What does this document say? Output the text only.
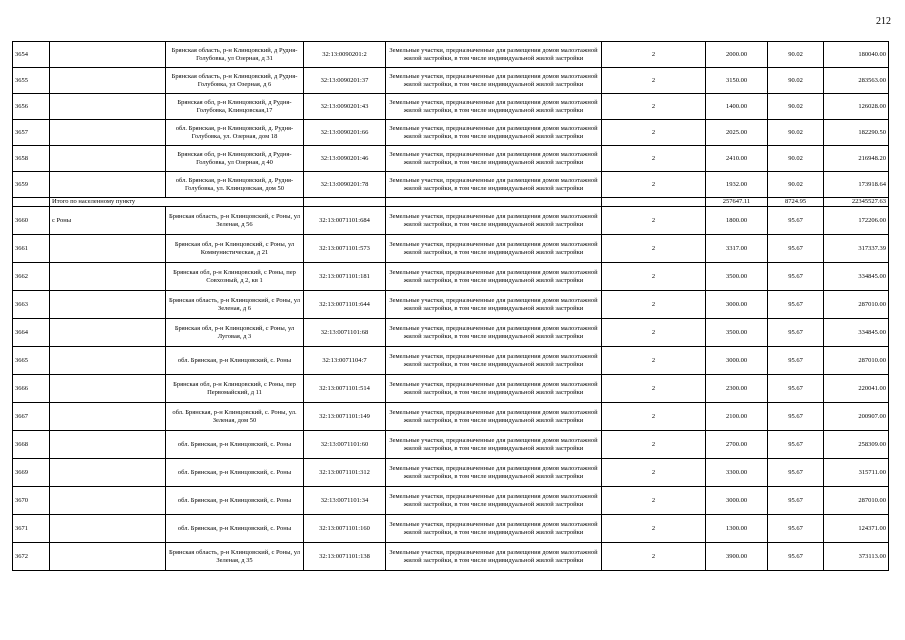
212
3654		Брянская область, р-н Клинцовский, д Рудня-Голубовка, ул Озерная, д 31	32:13:0090201:2	Земельные участки, предназначенные для размещения домов малоэтажной жилой застройки, в том числе индивидуальной жилой застройки	2	2000.00	90.02	180040.00
3655		Брянская область, р-н Клинцовский, д Рудня-Голубовка, ул Озерная, д 6	32:13:0090201:37	Земельные участки, предназначенные для размещения домов малоэтажной жилой застройки, в том числе индивидуальной жилой застройки	2	3150.00	90.02	283563.00
3656		Брянская обл, р-н Клинцовский, д Рудня-Голубовка, Клинцовская,17	32:13:0090201:43	Земельные участки, предназначенные для размещения домов малоэтажной жилой застройки, в том числе индивидуальной жилой застройки	2	1400.00	90.02	126028.00
3657		обл. Брянская, р-н Клинцовский, д. Рудня-Голубовка, ул. Озерная, дом 18	32:13:0090201:66	Земельные участки, предназначенные для размещения домов малоэтажной жилой застройки, в том числе индивидуальной жилой застройки	2	2025.00	90.02	182290.50
3658		Брянская обл, р-н Клинцовский, д Рудня-Голубовка, ул Озерная, д 40	32:13:0090201:46	Земельные участки, предназначенные для размещения домов малоэтажной жилой застройки, в том числе индивидуальной жилой застройки	2	2410.00	90.02	216948.20
3659		обл. Брянская, р-н Клинцовский, д. Рудня-Голубовка, ул. Клинцовская, дом 50	32:13:0090201:78	Земельные участки, предназначенные для размещения домов малоэтажной жилой застройки, в том числе индивидуальной жилой застройки	2	1932.00	90.02	173918.64
	Итого по населенному пункту					257647.11	8724.95	22345527.63
3660	с Роны	Брянская область, р-н Клинцовский, с Роны, ул Зеленая, д 56	32:13:0071101:684	Земельные участки, предназначенные для размещения домов малоэтажной жилой застройки, в том числе индивидуальной жилой застройки	2	1800.00	95.67	172206.00
3661		Брянская обл, р-н Клинцовский, с Роны, ул Коммунистическая, д 21	32:13:0071101:573	Земельные участки, предназначенные для размещения домов малоэтажной жилой застройки, в том числе индивидуальной жилой застройки	2	3317.00	95.67	317337.39
3662		Брянская обл, р-н Клинцовский, с Роны, пер Совхозный, д 2, кв 1	32:13:0071101:181	Земельные участки, предназначенные для размещения домов малоэтажной жилой застройки, в том числе индивидуальной жилой застройки	2	3500.00	95.67	334845.00
3663		Брянская область, р-н Клинцовский, с Роны, ул Зеленая, д 6	32:13:0071101:644	Земельные участки, предназначенные для размещения домов малоэтажной жилой застройки, в том числе индивидуальной жилой застройки	2	3000.00	95.67	287010.00
3664		Брянская обл, р-н Клинцовский, с Роны, ул Луговая, д 3	32:13:0071101:68	Земельные участки, предназначенные для размещения домов малоэтажной жилой застройки, в том числе индивидуальной жилой застройки	2	3500.00	95.67	334845.00
3665		обл. Брянская, р-н Клинцовский, с. Роны	32:13:0071104:7	Земельные участки, предназначенные для размещения домов малоэтажной жилой застройки, в том числе индивидуальной жилой застройки	2	3000.00	95.67	287010.00
3666		Брянская обл, р-н Клинцовский, с Роны, пер Первомайский, д 11	32:13:0071101:514	Земельные участки, предназначенные для размещения домов малоэтажной жилой застройки, в том числе индивидуальной жилой застройки	2	2300.00	95.67	220041.00
3667		обл. Брянская, р-н Клинцовский, с. Роны, ул. Зеленая, дом 50	32:13:0071101:149	Земельные участки, предназначенные для размещения домов малоэтажной жилой застройки, в том числе индивидуальной жилой застройки	2	2100.00	95.67	200907.00
3668		обл. Брянская, р-н Клинцовский, с. Роны	32:13:0071101:60	Земельные участки, предназначенные для размещения домов малоэтажной жилой застройки, в том числе индивидуальной жилой застройки	2	2700.00	95.67	258309.00
3669		обл. Брянская, р-н Клинцовский, с. Роны	32:13:0071101:312	Земельные участки, предназначенные для размещения домов малоэтажной жилой застройки, в том числе индивидуальной жилой застройки	2	3300.00	95.67	315711.00
3670		обл. Брянская, р-н Клинцовский, с. Роны	32:13:0071101:34	Земельные участки, предназначенные для размещения домов малоэтажной жилой застройки, в том числе индивидуальной жилой застройки	2	3000.00	95.67	287010.00
3671		обл. Брянская, р-н Клинцовский, с. Роны	32:13:0071101:160	Земельные участки, предназначенные для размещения домов малоэтажной жилой застройки, в том числе индивидуальной жилой застройки	2	1300.00	95.67	124371.00
3672		Брянская область, р-н Клинцовский, с Роны, ул Зеленая, д 35	32:13:0071101:138	Земельные участки, предназначенные для размещения домов малоэтажной жилой застройки, в том числе индивидуальной жилой застройки	2	3900.00	95.67	373113.00
